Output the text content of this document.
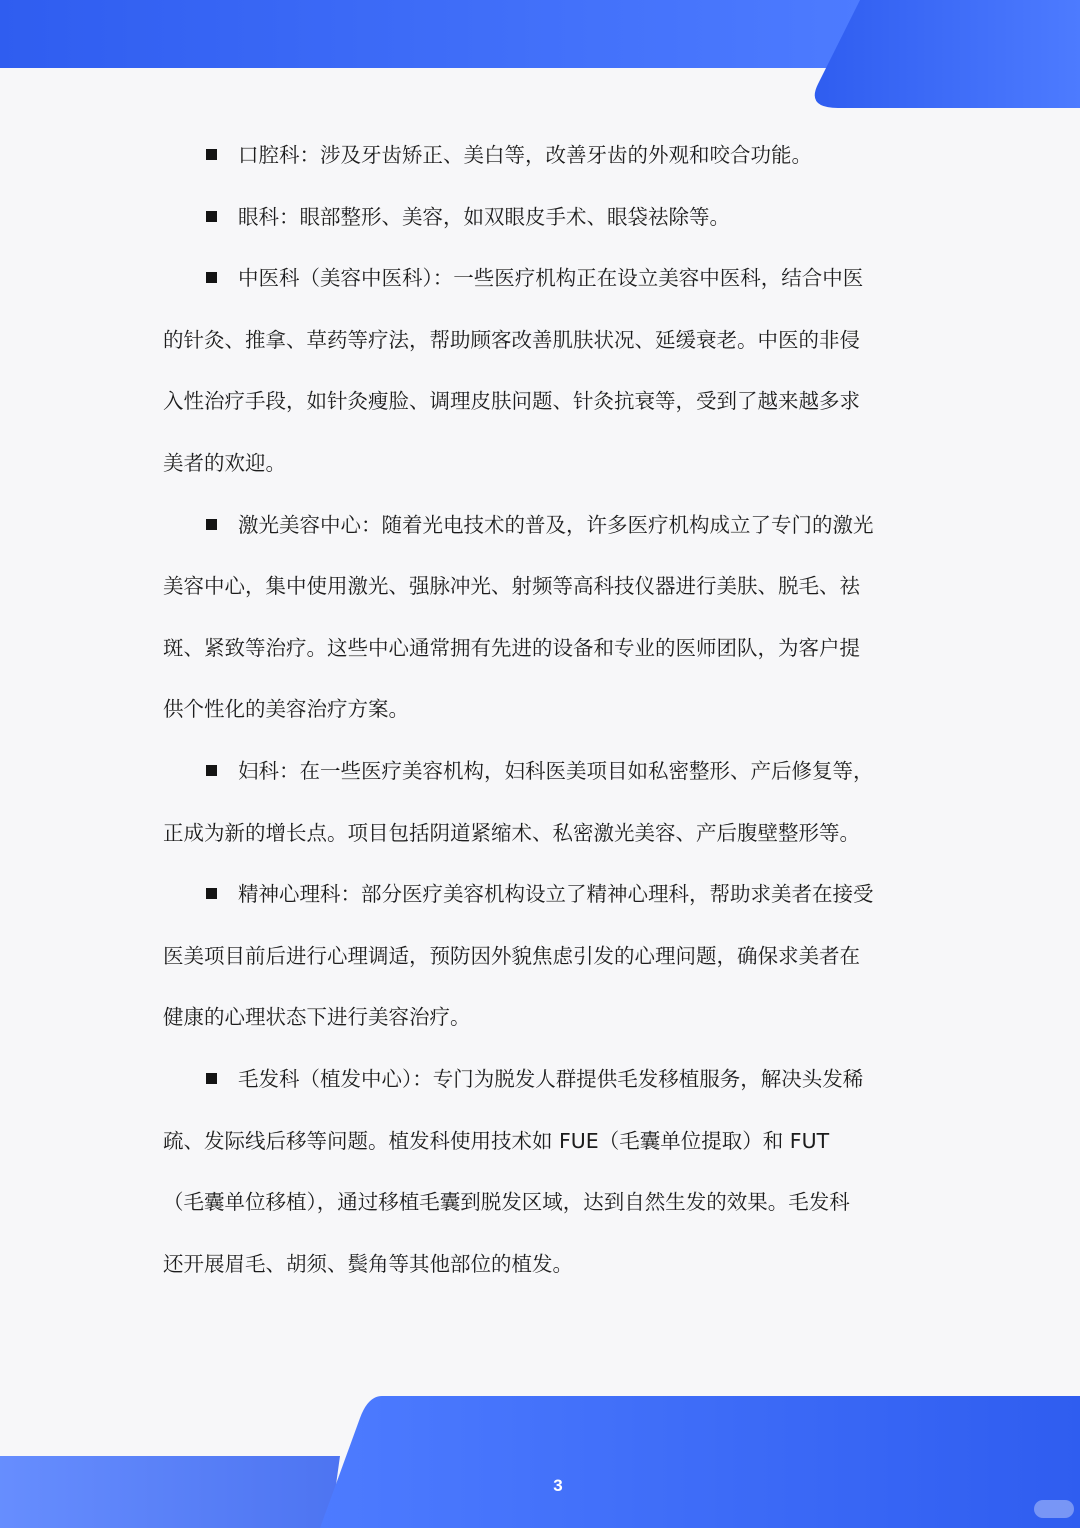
口腔科：涉及牙齿矫正、美白等，改善牙齿的外观和咬合功能。
眼科：眼部整形、美容，如双眼皮手术、眼袋祛除等。
中医科（美容中医科）：一些医疗机构正在设立美容中医科，结合中医
的针灸、推拿、草药等疗法，帮助顾客改善肌肤状况、延缓衰老。中医的非侵
入性治疗手段，如针灸瘦脸、调理皮肤问题、针灸抗衰等，受到了越来越多求
美者的欢迎。
激光美容中心：随着光电技术的普及，许多医疗机构成立了专门的激光
美容中心，集中使用激光、强脉冲光、射频等高科技仪器进行美肤、脱毛、祛
斑、紧致等治疗。这些中心通常拥有先进的设备和专业的医师团队，为客户提
供个性化的美容治疗方案。
妇科：在一些医疗美容机构，妇科医美项目如私密整形、产后修复等，
正成为新的增长点。项目包括阴道紧缩术、私密激光美容、产后腹壁整形等。
精神心理科：部分医疗美容机构设立了精神心理科，帮助求美者在接受
医美项目前后进行心理调适，预防因外貌焦虑引发的心理问题，确保求美者在
健康的心理状态下进行美容治疗。
毛发科（植发中心）：专门为脱发人群提供毛发移植服务，解决头发稀
疏、发际线后移等问题。植发科使用技术如 FUE（毛囊单位提取）和 FUT
（毛囊单位移植），通过移植毛囊到脱发区域，达到自然生发的效果。毛发科
还开展眉毛、胡须、鬓角等其他部位的植发。
3
